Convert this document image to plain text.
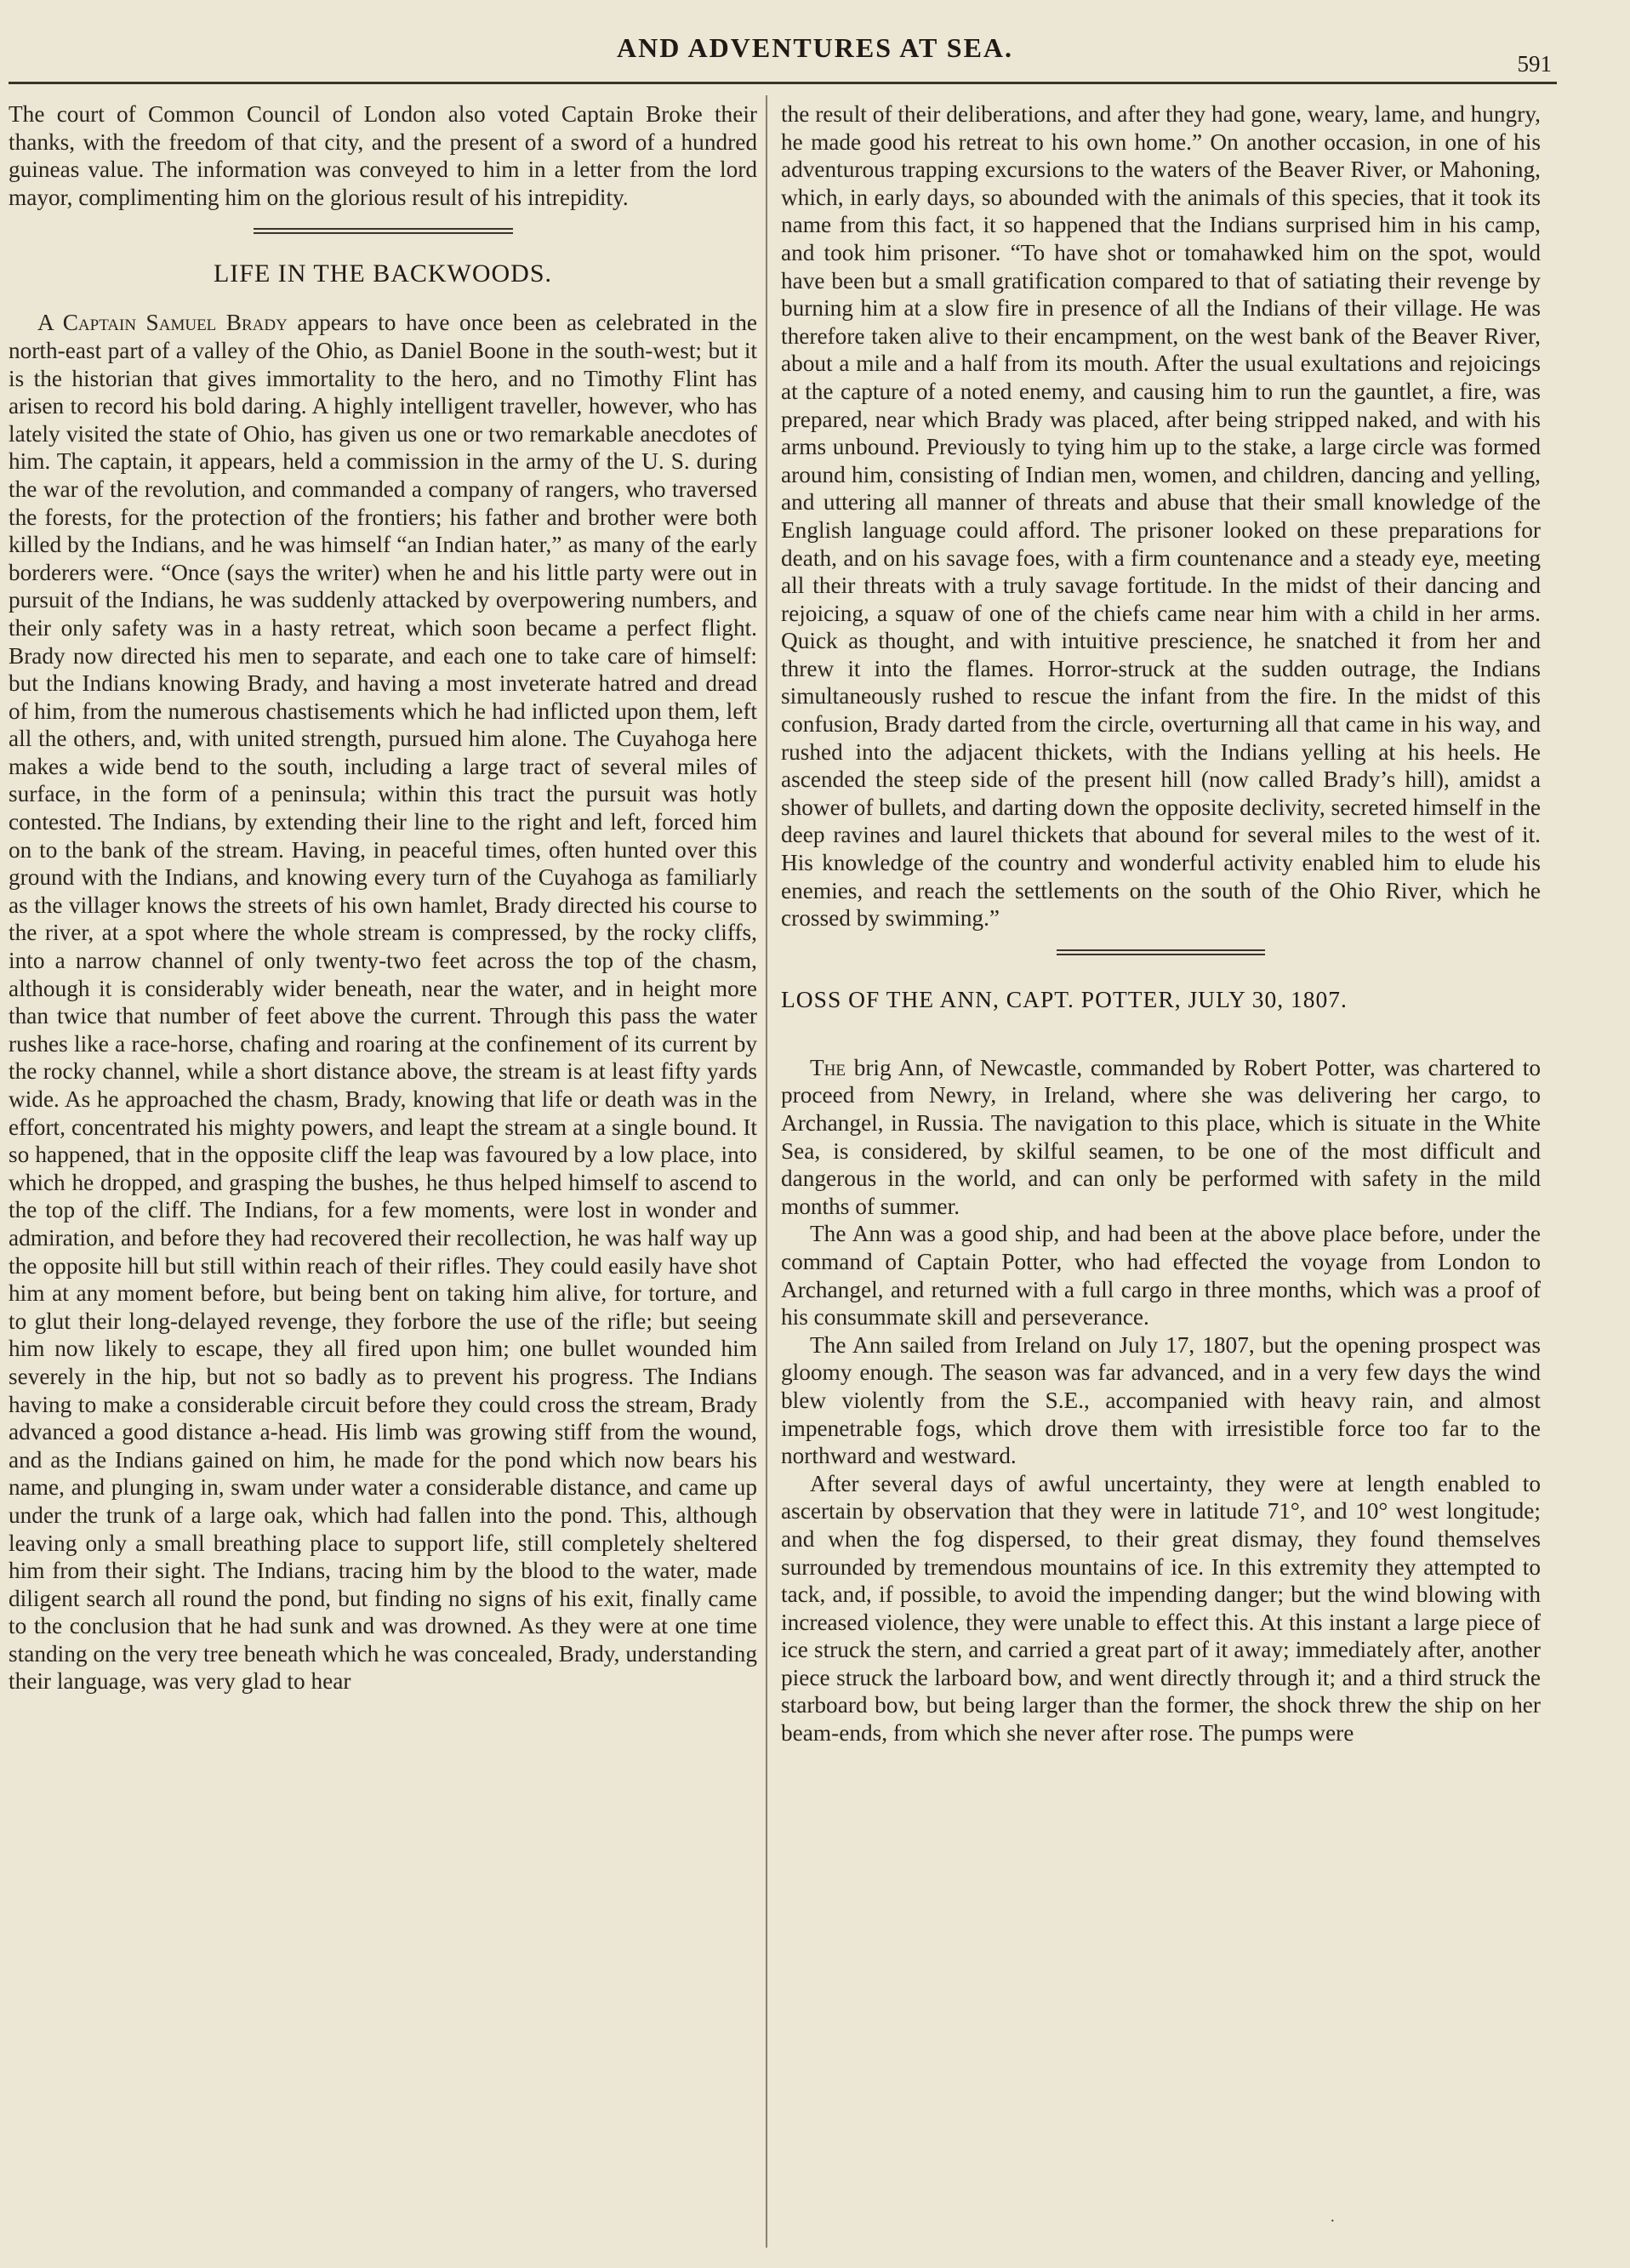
AND ADVENTURES AT SEA.
591

The court of Common Council of London also voted Captain Broke their thanks, with the freedom of that city, and the present of a sword of a hundred guineas value. The information was conveyed to him in a letter from the lord mayor, complimenting him on the glorious result of his intrepidity.

LIFE IN THE BACKWOODS.

A Captain Samuel Brady appears to have once been as celebrated in the north-east part of a valley of the Ohio, as Daniel Boone in the south-west; but it is the historian that gives immortality to the hero, and no Timothy Flint has arisen to record his bold daring. A highly intelligent traveller, however, who has lately visited the state of Ohio, has given us one or two remarkable anecdotes of him. The captain, it appears, held a commission in the army of the U. S. during the war of the revolution, and commanded a company of rangers, who traversed the forests, for the protection of the frontiers; his father and brother were both killed by the Indians, and he was himself “an Indian hater,” as many of the early borderers were. “Once (says the writer) when he and his little party were out in pursuit of the Indians, he was suddenly attacked by overpowering numbers, and their only safety was in a hasty retreat, which soon became a perfect flight. Brady now directed his men to separate, and each one to take care of himself: but the Indians knowing Brady, and having a most inveterate hatred and dread of him, from the numerous chastisements which he had inflicted upon them, left all the others, and, with united strength, pursued him alone. The Cuyahoga here makes a wide bend to the south, including a large tract of several miles of surface, in the form of a peninsula; within this tract the pursuit was hotly contested. The Indians, by extending their line to the right and left, forced him on to the bank of the stream. Having, in peaceful times, often hunted over this ground with the Indians, and knowing every turn of the Cuyahoga as familiarly as the villager knows the streets of his own hamlet, Brady directed his course to the river, at a spot where the whole stream is compressed, by the rocky cliffs, into a narrow channel of only twenty-two feet across the top of the chasm, although it is considerably wider beneath, near the water, and in height more than twice that number of feet above the current. Through this pass the water rushes like a race-horse, chafing and roaring at the confinement of its current by the rocky channel, while a short distance above, the stream is at least fifty yards wide. As he approached the chasm, Brady, knowing that life or death was in the effort, concentrated his mighty powers, and leapt the stream at a single bound. It so happened, that in the opposite cliff the leap was favoured by a low place, into which he dropped, and grasping the bushes, he thus helped himself to ascend to the top of the cliff. The Indians, for a few moments, were lost in wonder and admiration, and before they had recovered their recollection, he was half way up the opposite hill but still within reach of their rifles. They could easily have shot him at any moment before, but being bent on taking him alive, for torture, and to glut their long-delayed revenge, they forbore the use of the rifle; but seeing him now likely to escape, they all fired upon him; one bullet wounded him severely in the hip, but not so badly as to prevent his progress. The Indians having to make a considerable circuit before they could cross the stream, Brady advanced a good distance a-head. His limb was growing stiff from the wound, and as the Indians gained on him, he made for the pond which now bears his name, and plunging in, swam under water a considerable distance, and came up under the trunk of a large oak, which had fallen into the pond. This, although leaving only a small breathing place to support life, still completely sheltered him from their sight. The Indians, tracing him by the blood to the water, made diligent search all round the pond, but finding no signs of his exit, finally came to the conclusion that he had sunk and was drowned. As they were at one time standing on the very tree beneath which he was concealed, Brady, understanding their language, was very glad to hear

the result of their deliberations, and after they had gone, weary, lame, and hungry, he made good his retreat to his own home.” On another occasion, in one of his adventurous trapping excursions to the waters of the Beaver River, or Mahoning, which, in early days, so abounded with the animals of this species, that it took its name from this fact, it so happened that the Indians surprised him in his camp, and took him prisoner. “To have shot or tomahawked him on the spot, would have been but a small gratification compared to that of satiating their revenge by burning him at a slow fire in presence of all the Indians of their village. He was therefore taken alive to their encampment, on the west bank of the Beaver River, about a mile and a half from its mouth. After the usual exultations and rejoicings at the capture of a noted enemy, and causing him to run the gauntlet, a fire, was prepared, near which Brady was placed, after being stripped naked, and with his arms unbound. Previously to tying him up to the stake, a large circle was formed around him, consisting of Indian men, women, and children, dancing and yelling, and uttering all manner of threats and abuse that their small knowledge of the English language could afford. The prisoner looked on these preparations for death, and on his savage foes, with a firm countenance and a steady eye, meeting all their threats with a truly savage fortitude. In the midst of their dancing and rejoicing, a squaw of one of the chiefs came near him with a child in her arms. Quick as thought, and with intuitive prescience, he snatched it from her and threw it into the flames. Horror-struck at the sudden outrage, the Indians simultaneously rushed to rescue the infant from the fire. In the midst of this confusion, Brady darted from the circle, overturning all that came in his way, and rushed into the adjacent thickets, with the Indians yelling at his heels. He ascended the steep side of the present hill (now called Brady’s hill), amidst a shower of bullets, and darting down the opposite declivity, secreted himself in the deep ravines and laurel thickets that abound for several miles to the west of it. His knowledge of the country and wonderful activity enabled him to elude his enemies, and reach the settlements on the south of the Ohio River, which he crossed by swimming.”

LOSS OF THE ANN, CAPT. POTTER, JULY 30, 1807.

The brig Ann, of Newcastle, commanded by Robert Potter, was chartered to proceed from Newry, in Ireland, where she was delivering her cargo, to Archangel, in Russia. The navigation to this place, which is situate in the White Sea, is considered, by skilful seamen, to be one of the most difficult and dangerous in the world, and can only be performed with safety in the mild months of summer.

The Ann was a good ship, and had been at the above place before, under the command of Captain Potter, who had effected the voyage from London to Archangel, and returned with a full cargo in three months, which was a proof of his consummate skill and perseverance.

The Ann sailed from Ireland on July 17, 1807, but the opening prospect was gloomy enough. The season was far advanced, and in a very few days the wind blew violently from the S.E., accompanied with heavy rain, and almost impenetrable fogs, which drove them with irresistible force too far to the northward and westward.

After several days of awful uncertainty, they were at length enabled to ascertain by observation that they were in latitude 71°, and 10° west longitude; and when the fog dispersed, to their great dismay, they found themselves surrounded by tremendous mountains of ice. In this extremity they attempted to tack, and, if possible, to avoid the impending danger; but the wind blowing with increased violence, they were unable to effect this. At this instant a large piece of ice struck the stern, and carried a great part of it away; immediately after, another piece struck the larboard bow, and went directly through it; and a third struck the starboard bow, but being larger than the former, the shock threw the ship on her beam-ends, from which she never after rose. The pumps were

·
